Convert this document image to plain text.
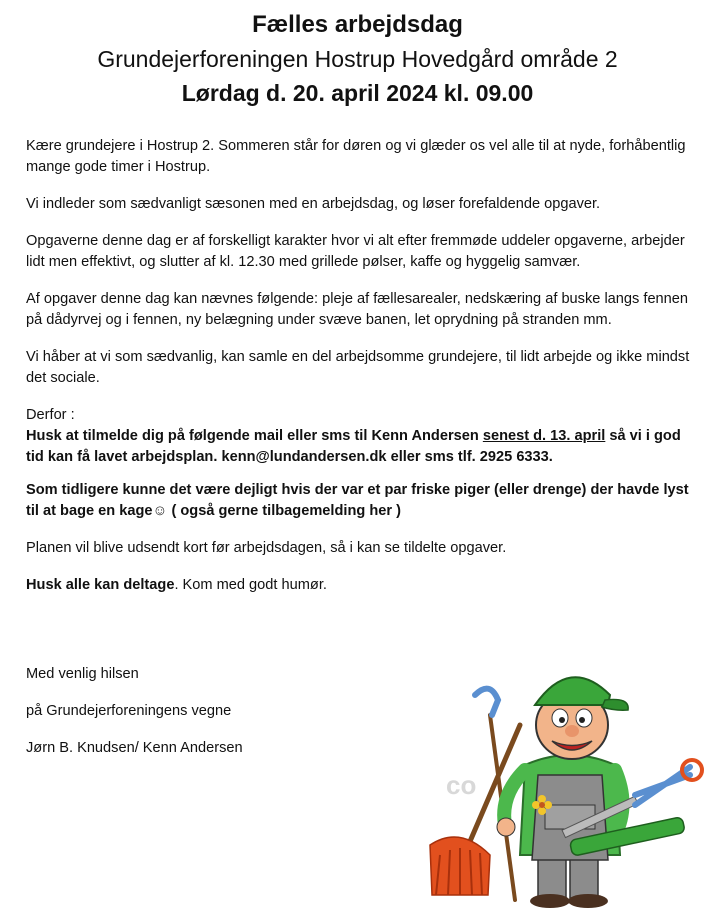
Fælles arbejdsdag
Grundejerforeningen Hostrup Hovedgård område 2
Lørdag d. 20. april 2024 kl. 09.00

Kære grundejere i Hostrup 2. Sommeren står for døren og vi glæder os vel alle til at nyde, forhåbentlig mange gode timer i Hostrup.

Vi indleder som sædvanligt sæsonen med en arbejdsdag, og løser forefaldende opgaver.

Opgaverne denne dag er af forskelligt karakter hvor vi alt efter fremmøde uddeler opgaverne, arbejder lidt men effektivt, og slutter af kl. 12.30 med grillede pølser, kaffe og hyggelig samvær.

Af opgaver denne dag kan nævnes følgende: pleje af fællesarealer, nedskæring af buske langs fennen på dådyrvej og i fennen, ny belægning under svæve banen, let oprydning på stranden mm.

Vi håber at vi som sædvanlig, kan samle en del arbejdsomme grundejere, til lidt arbejde og ikke mindst det sociale.

Derfor :
Husk at tilmelde dig på følgende mail eller sms til Kenn Andersen senest d. 13. april så vi i god tid kan få lavet arbejdsplan. kenn@lundandersen.dk eller sms tlf. 2925 6333.

Som tidligere kunne det være dejligt hvis der var et par friske piger (eller drenge) der havde lyst til at bage en kage☺ ( også gerne tilbagemelding her )

Planen vil blive udsendt kort før arbejdsdagen, så i kan se tildelte opgaver.

Husk alle kan deltage. Kom med godt humør.

Med venlig hilsen
på Grundejerforeningens vegne
Jørn B. Knudsen/ Kenn Andersen
co
